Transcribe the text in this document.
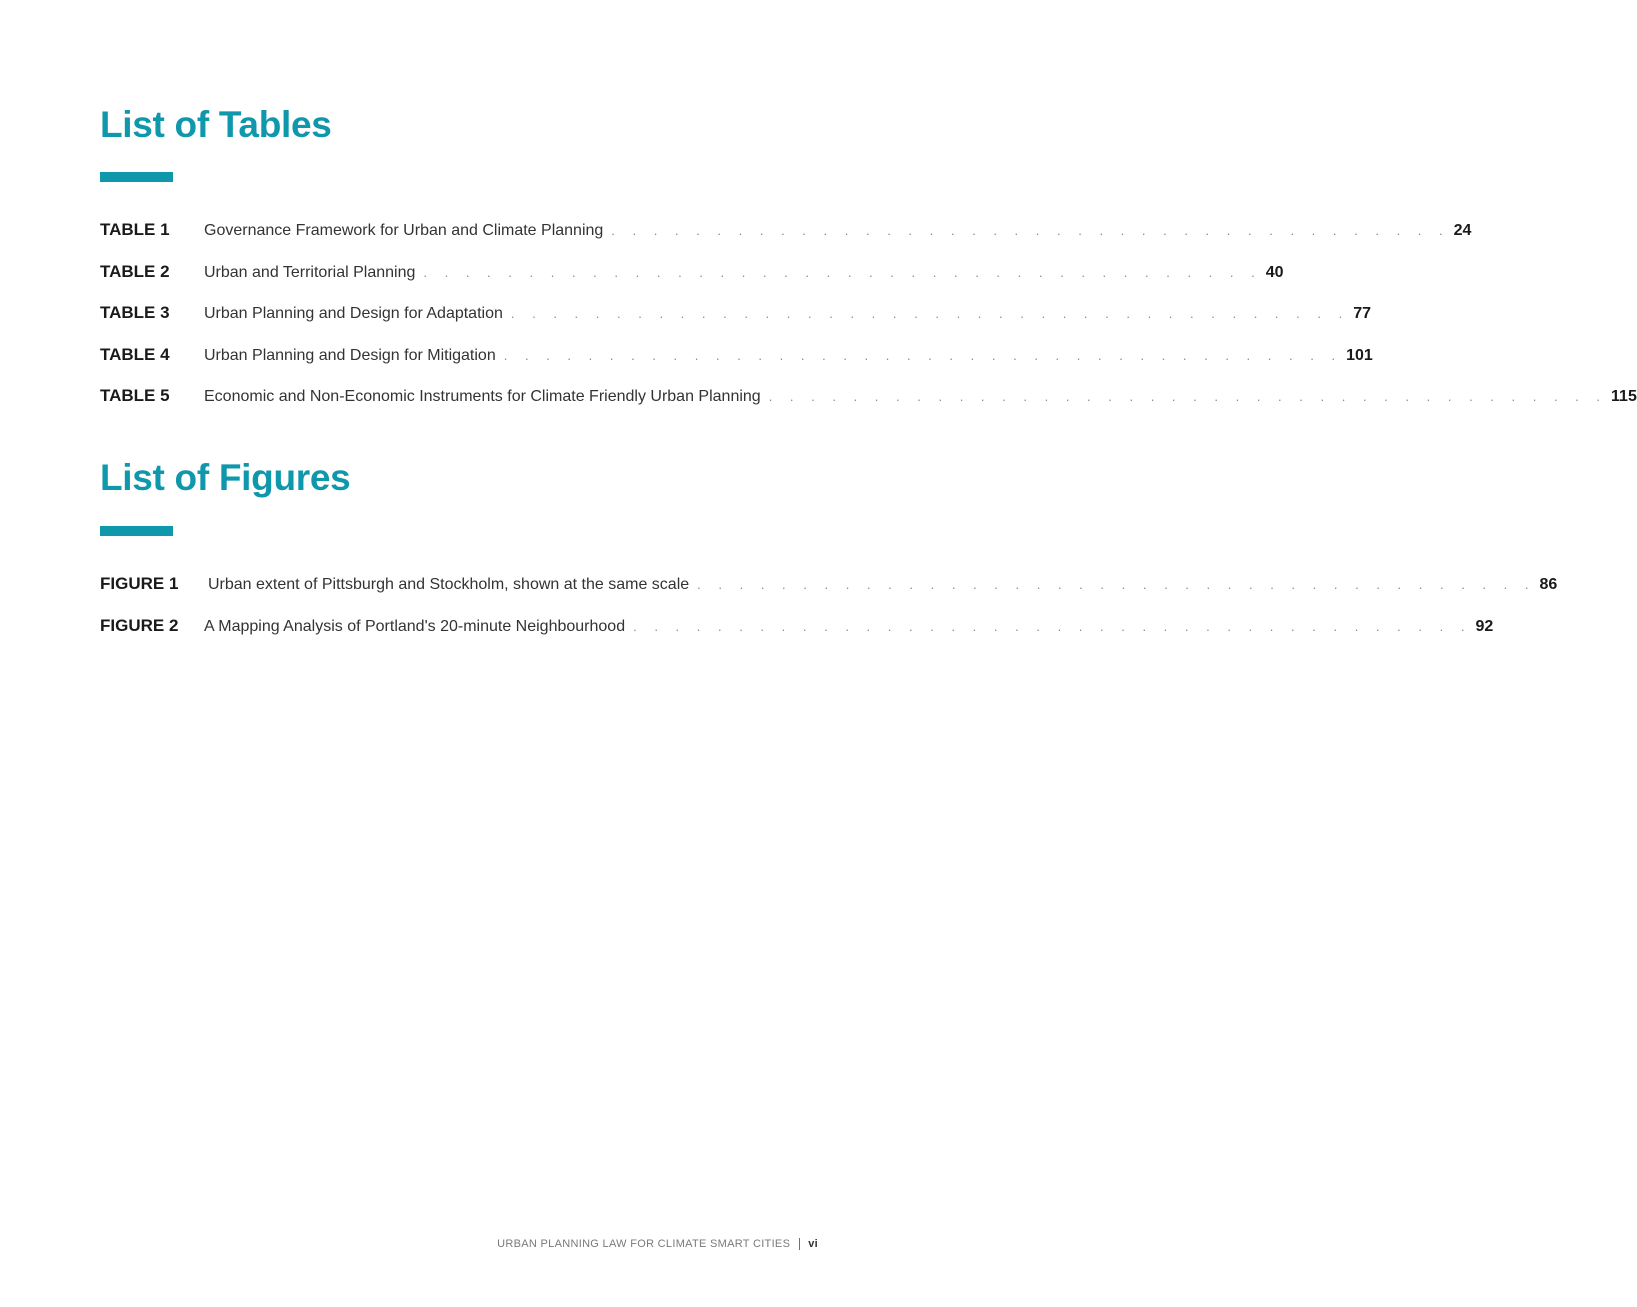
List of Tables
TABLE 1	Governance Framework for Urban and Climate Planning . . . . . . . . . . . . . . . . . . . . . . . . . . . . . . . . . . . . . . . . 24
TABLE 2	Urban and Territorial Planning . . . . . . . . . . . . . . . . . . . . . . . . . . . . . . . . . . . . . . . . 40
TABLE 3	Urban Planning and Design for Adaptation . . . . . . . . . . . . . . . . . . . . . . . . . . . . . . . . . . . . . . . . 77
TABLE 4	Urban Planning and Design for Mitigation . . . . . . . . . . . . . . . . . . . . . . . . . . . . . . . . . . . . . . . . 101
TABLE 5	Economic and Non-Economic Instruments for Climate Friendly Urban Planning . . . . . . . . . . . . . . . . . . . . . . . . . . . . . . . . . . . . . . . . 115
List of Figures
FIGURE 1	Urban extent of Pittsburgh and Stockholm, shown at the same scale . . . . . . . . . . . . . . . . . . . . . . . . . . . . . . . . . . . . . . . . 86
FIGURE 2	A Mapping Analysis of Portland's 20-minute Neighbourhood . . . . . . . . . . . . . . . . . . . . . . . . . . . . . . . . . . . . . . . . 92
URBAN PLANNING LAW FOR CLIMATE SMART CITIES vi
